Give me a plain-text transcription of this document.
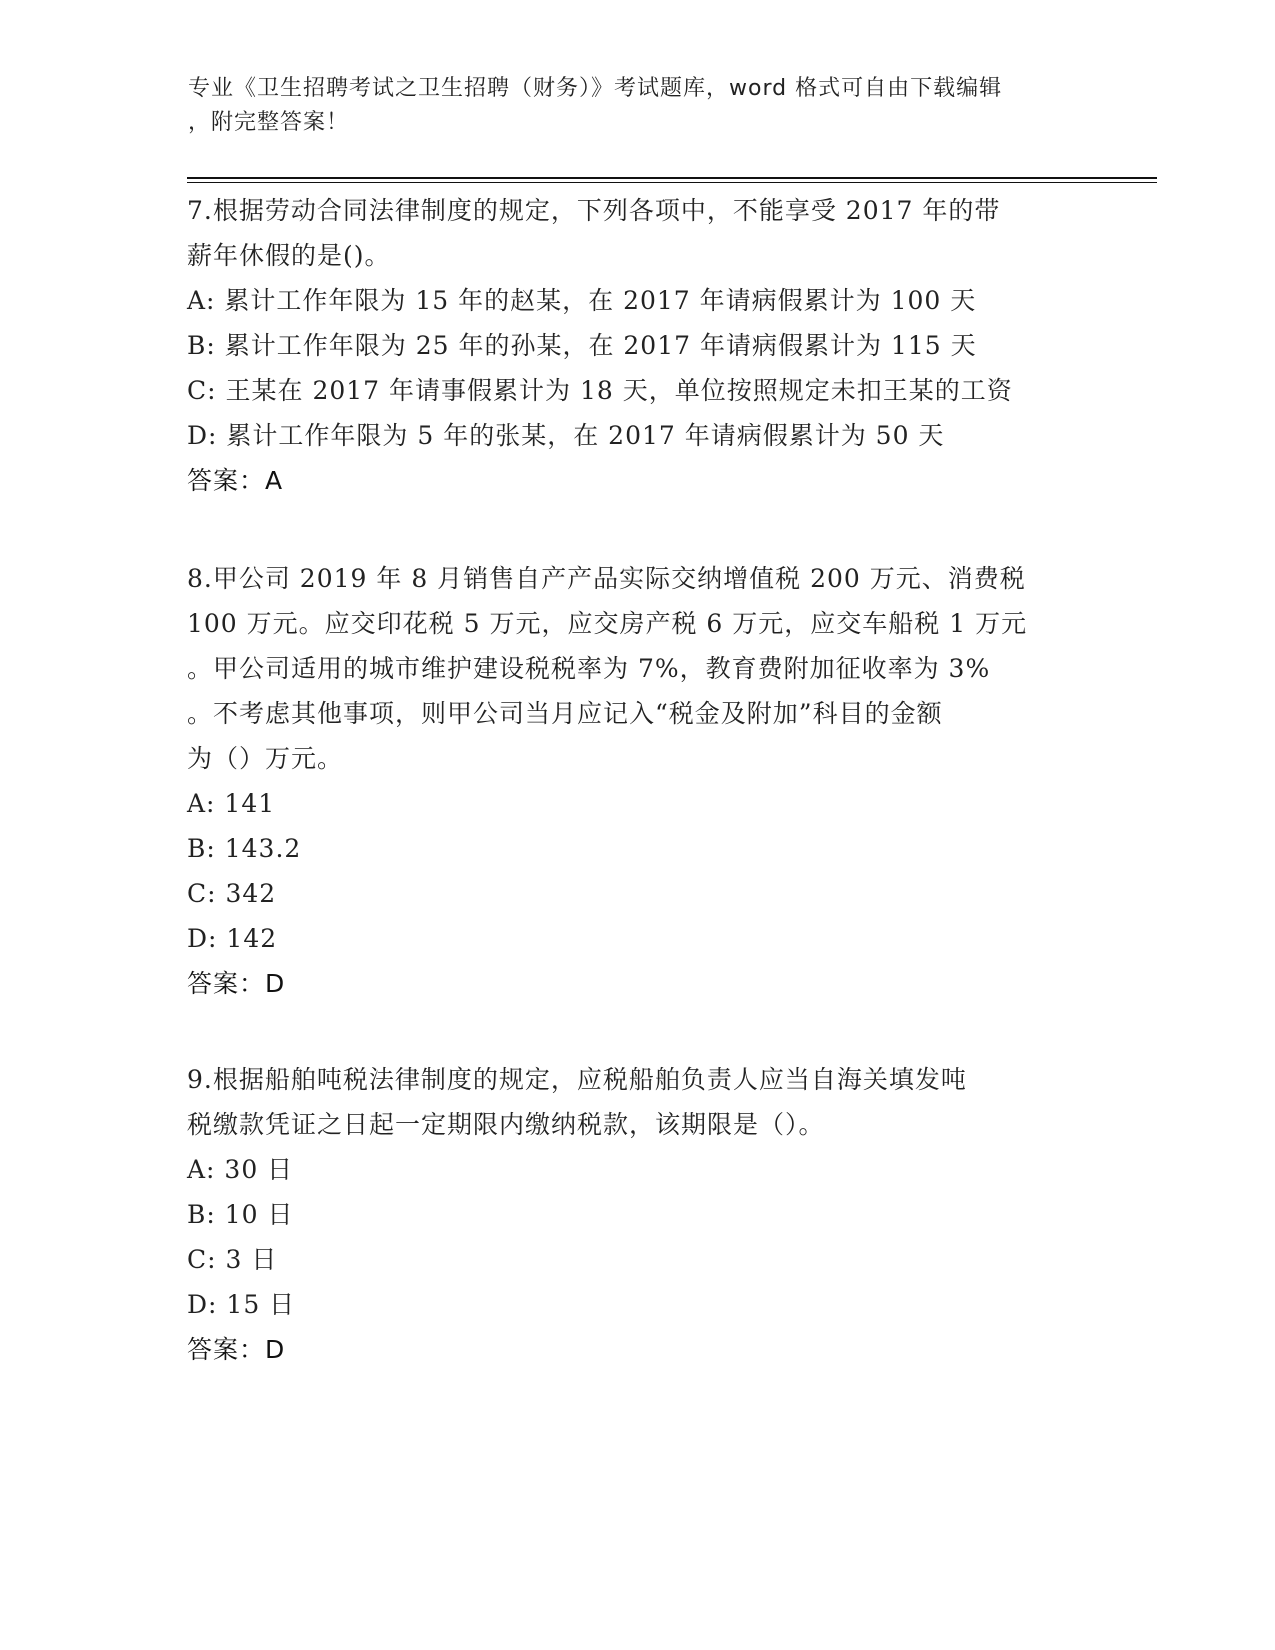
专业《卫生招聘考试之卫生招聘（财务）》考试题库，word 格式可自由下载编辑
，附完整答案！
7.根据劳动合同法律制度的规定，下列各项中，不能享受 2017 年的带
薪年休假的是()。
A: 累计工作年限为 15 年的赵某，在 2017 年请病假累计为 100 天
B: 累计工作年限为 25 年的孙某，在 2017 年请病假累计为 115 天
C: 王某在 2017 年请事假累计为 18 天，单位按照规定未扣王某的工资
D: 累计工作年限为 5 年的张某，在 2017 年请病假累计为 50 天
答案：A
8.甲公司 2019 年 8 月销售自产产品实际交纳增值税 200 万元、消费税
100 万元。应交印花税 5 万元，应交房产税 6 万元，应交车船税 1 万元
。甲公司适用的城市维护建设税税率为 7%，教育费附加征收率为 3%
。不考虑其他事项，则甲公司当月应记入“税金及附加”科目的金额
为（）万元。
A: 141
B: 143.2
C: 342
D: 142
答案：D
9.根据船舶吨税法律制度的规定，应税船舶负责人应当自海关填发吨
税缴款凭证之日起一定期限内缴纳税款，该期限是（）。
A: 30 日
B: 10 日
C: 3 日
D: 15 日
答案：D
